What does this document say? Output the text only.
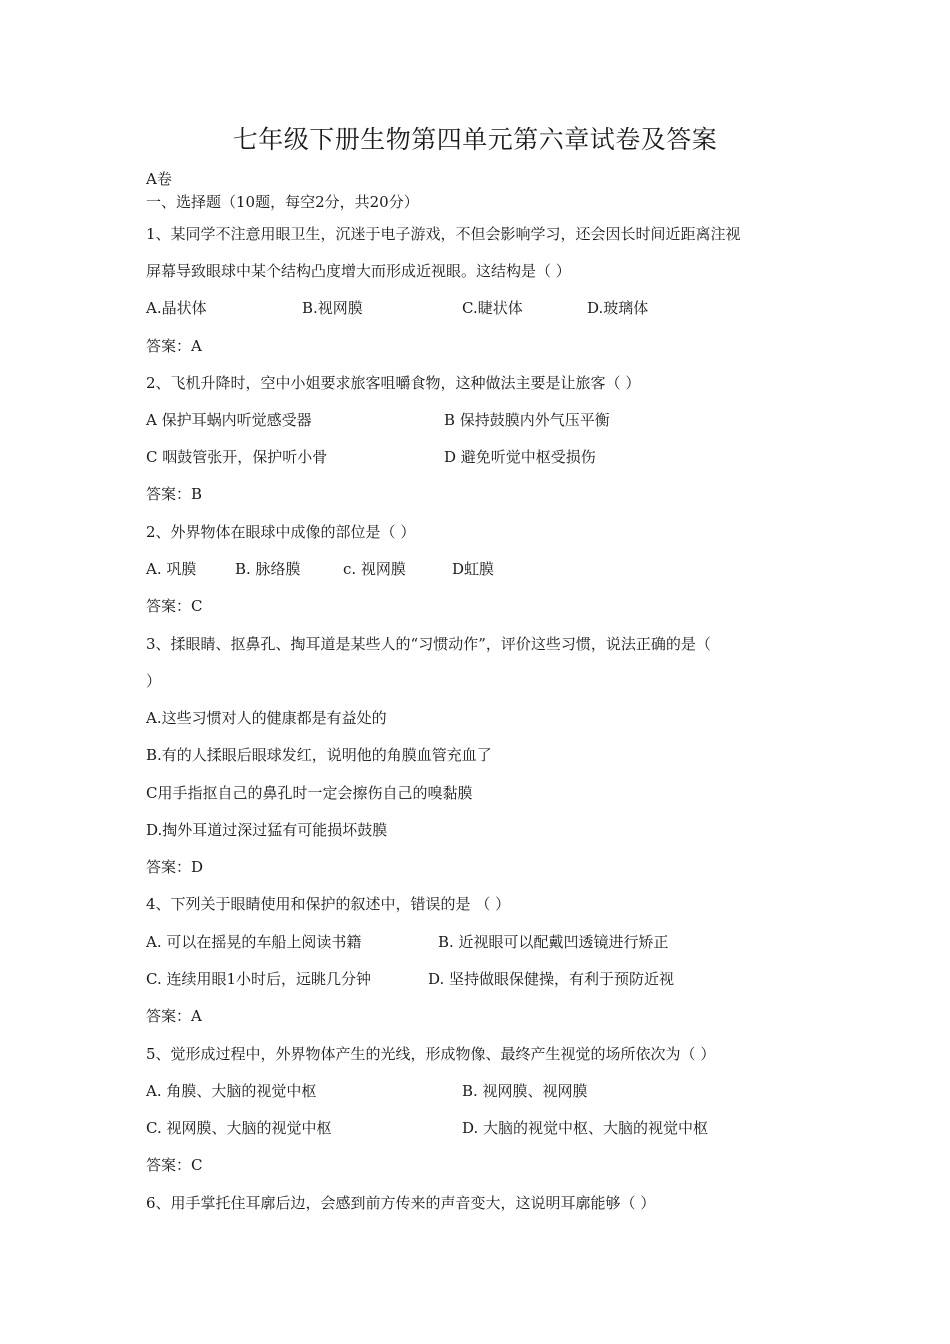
七年级下册生物第四单元第六章试卷及答案
A卷
一、选择题（10题，每空2分，共20分）
1、某同学不注意用眼卫生，沉迷于电子游戏，不但会影响学习，还会因长时间近距离注视
屏幕导致眼球中某个结构凸度增大而形成近视眼。这结构是（ ）
A.晶状体	B.视网膜	C.睫状体	D.玻璃体
答案：A
2、飞机升降时，空中小姐要求旅客咀嚼食物，这种做法主要是让旅客（ ）
A 保护耳蜗内听觉感受器	B 保持鼓膜内外气压平衡
C 咽鼓管张开，保护听小骨	D 避免听觉中枢受损伤
答案：B
2、外界物体在眼球中成像的部位是（ ）
A. 巩膜	B. 脉络膜	c. 视网膜	D虹膜
答案：C
3、揉眼睛、抠鼻孔、掏耳道是某些人的“习惯动作”，评价这些习惯，说法正确的是（
）
A.这些习惯对人的健康都是有益处的
B.有的人揉眼后眼球发红，说明他的角膜血管充血了
C用手指抠自己的鼻孔时一定会擦伤自己的嗅黏膜
D.掏外耳道过深过猛有可能损坏鼓膜
答案：D
4、下列关于眼睛使用和保护的叙述中，错误的是 （ ）
A. 可以在摇晃的车船上阅读书籍	B. 近视眼可以配戴凹透镜进行矫正
C. 连续用眼1小时后，远眺几分钟	D. 坚持做眼保健操，有利于预防近视
答案：A
5、觉形成过程中，外界物体产生的光线，形成物像、最终产生视觉的场所依次为（ ）
A. 角膜、大脑的视觉中枢	B. 视网膜、视网膜
C. 视网膜、大脑的视觉中枢	D. 大脑的视觉中枢、大脑的视觉中枢
答案：C
6、用手掌托住耳廓后边，会感到前方传来的声音变大，这说明耳廓能够（ ）
